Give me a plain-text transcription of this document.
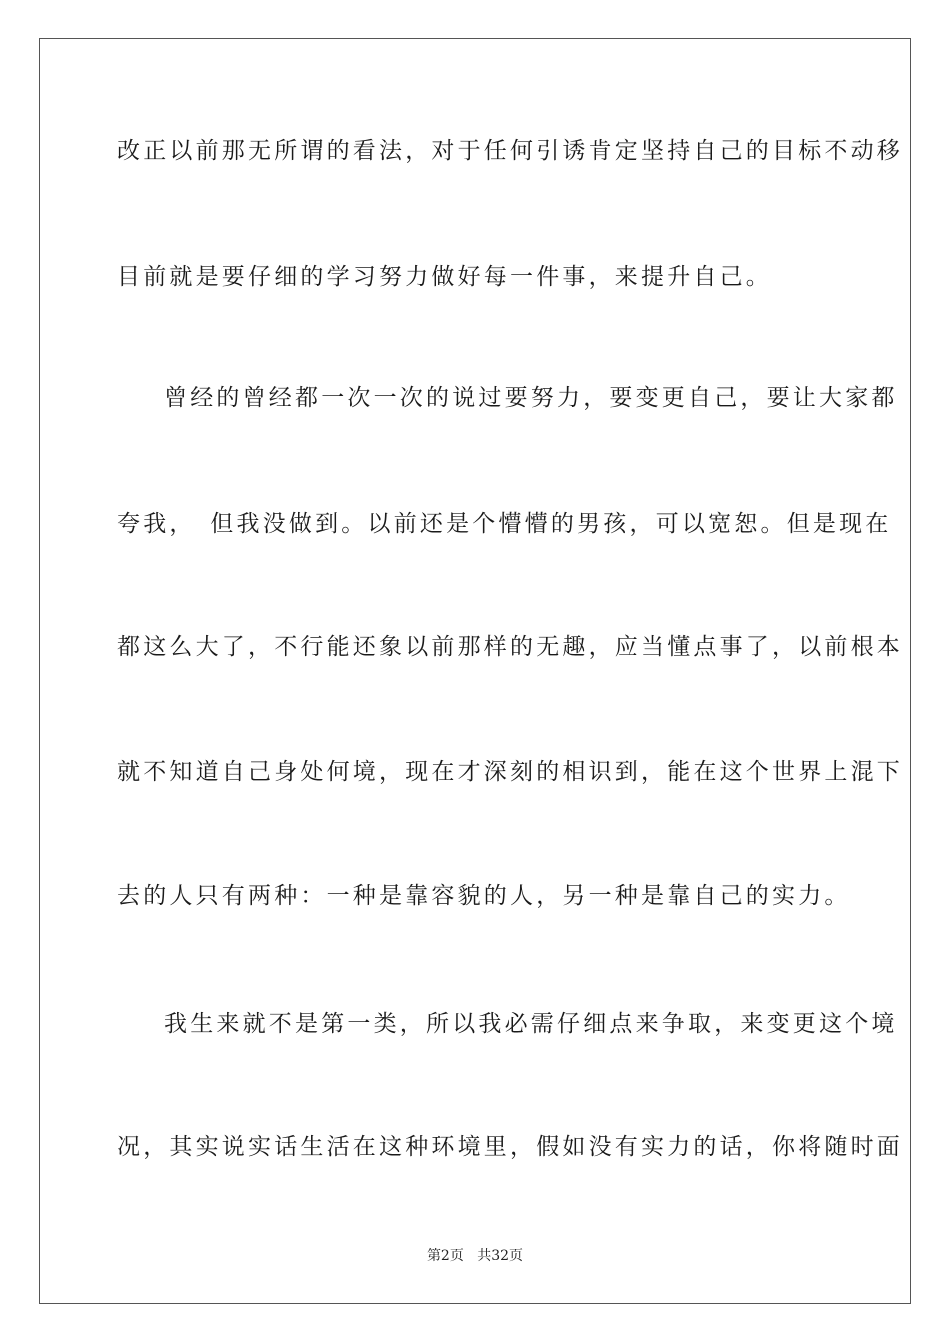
改正以前那无所谓的看法，对于任何引诱肯定坚持自己的目标不动移
目前就是要仔细的学习努力做好每一件事，来提升自己。
曾经的曾经都一次一次的说过要努力，要变更自己，要让大家都
夸我，　但我没做到。以前还是个懵懵的男孩，可以宽恕。但是现在
都这么大了，不行能还象以前那样的无趣，应当懂点事了，以前根本
就不知道自己身处何境，现在才深刻的相识到，能在这个世界上混下
去的人只有两种：一种是靠容貌的人，另一种是靠自己的实力。
我生来就不是第一类，所以我必需仔细点来争取，来变更这个境
况，其实说实话生活在这种环境里，假如没有实力的话，你将随时面
第2页 共32页
